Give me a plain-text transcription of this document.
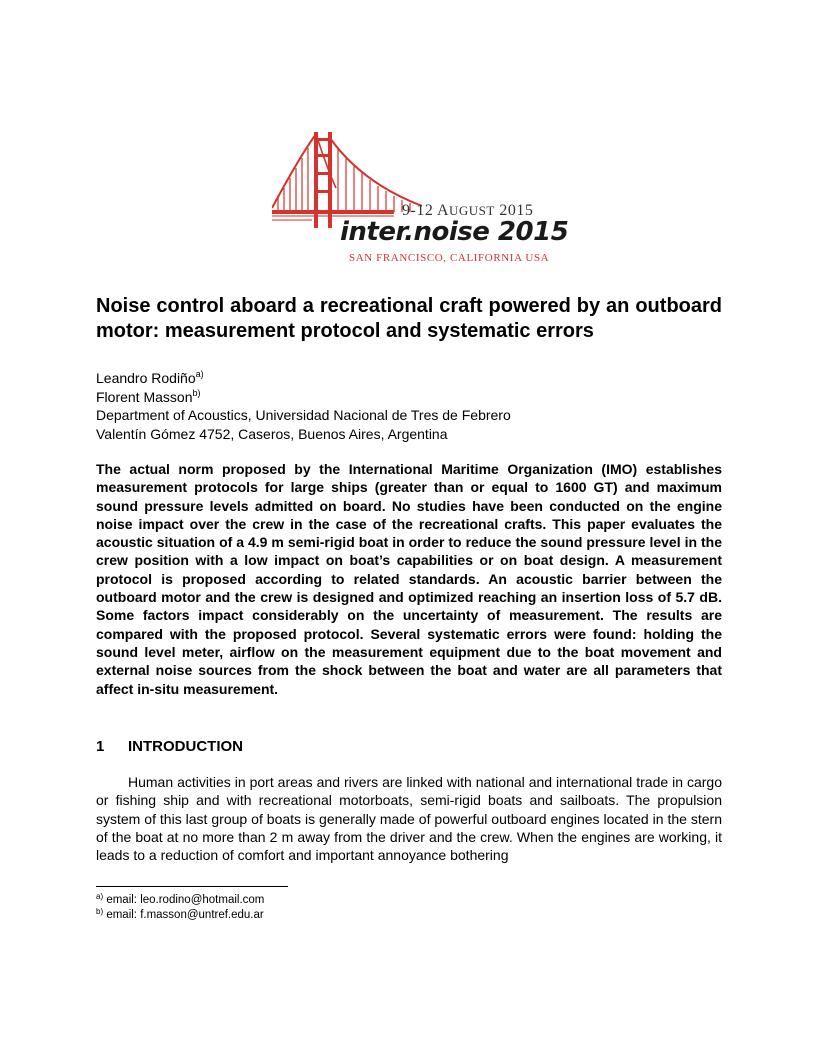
9-12 AUGUST 2015
inter.noise 2015
SAN FRANCISCO, CALIFORNIA USA
Noise control aboard a recreational craft powered by an outboard motor: measurement protocol and systematic errors
Leandro Rodiño$^{a)}$
Florent Masson$^{b)}$
Department of Acoustics, Universidad Nacional de Tres de Febrero
Valentín Gómez 4752, Caseros, Buenos Aires, Argentina
The actual norm proposed by the International Maritime Organization (IMO) establishes measurement protocols for large ships (greater than or equal to 1600 GT) and maximum sound pressure levels admitted on board. No studies have been conducted on the engine noise impact over the crew in the case of the recreational crafts. This paper evaluates the acoustic situation of a 4.9 m semi-rigid boat in order to reduce the sound pressure level in the crew position with a low impact on boat’s capabilities or on boat design. A measurement protocol is proposed according to related standards. An acoustic barrier between the outboard motor and the crew is designed and optimized reaching an insertion loss of 5.7 dB. Some factors impact considerably on the uncertainty of measurement. The results are compared with the proposed protocol. Several systematic errors were found: holding the sound level meter, airflow on the measurement equipment due to the boat movement and external noise sources from the shock between the boat and water are all parameters that affect in-situ measurement.
1 INTRODUCTION
Human activities in port areas and rivers are linked with national and international trade in cargo or fishing ship and with recreational motorboats, semi-rigid boats and sailboats. The propulsion system of this last group of boats is generally made of powerful outboard engines located in the stern of the boat at no more than 2 m away from the driver and the crew. When the engines are working, it leads to a reduction of comfort and important annoyance bothering
$^{a)}$ email: leo.rodino@hotmail.com
$^{b)}$ email: f.masson@untref.edu.ar
